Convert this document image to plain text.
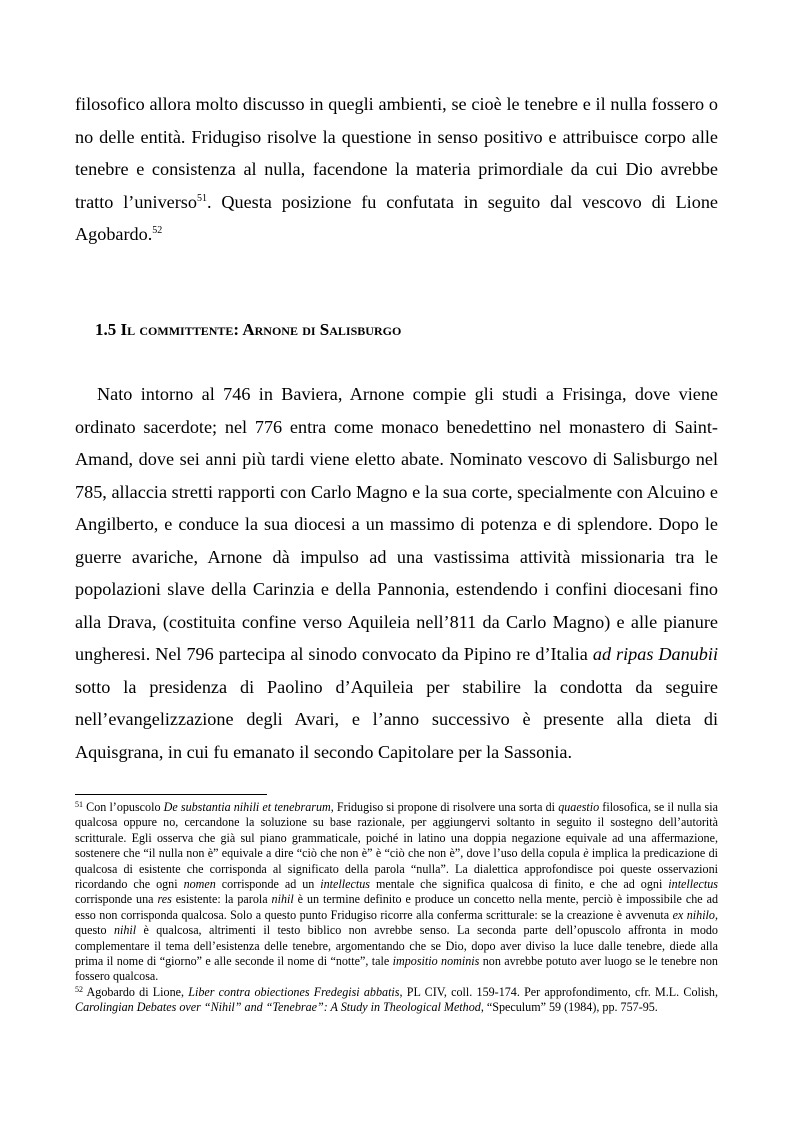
filosofico allora molto discusso in quegli ambienti, se cioè le tenebre e il nulla fossero o no delle entità. Fridugiso risolve la questione in senso positivo e attribuisce corpo alle tenebre e consistenza al nulla, facendone la materia primordiale da cui Dio avrebbe tratto l’universo$^{51}$. Questa posizione fu confutata in seguito dal vescovo di Lione Agobardo.$^{52}$

1.5 Il committente: Arnone di Salisburgo

Nato intorno al 746 in Baviera, Arnone compie gli studi a Frisinga, dove viene ordinato sacerdote; nel 776 entra come monaco benedettino nel monastero di Saint-Amand, dove sei anni più tardi viene eletto abate. Nominato vescovo di Salisburgo nel 785, allaccia stretti rapporti con Carlo Magno e la sua corte, specialmente con Alcuino e Angilberto, e conduce la sua diocesi a un massimo di potenza e di splendore. Dopo le guerre avariche, Arnone dà impulso ad una vastissima attività missionaria tra le popolazioni slave della Carinzia e della Pannonia, estendendo i confini diocesani fino alla Drava, (costituita confine verso Aquileia nell’811 da Carlo Magno) e alle pianure ungheresi. Nel 796 partecipa al sinodo convocato da Pipino re d’Italia ad ripas Danubii sotto la presidenza di Paolino d’Aquileia per stabilire la condotta da seguire nell’evangelizzazione degli Avari, e l’anno successivo è presente alla dieta di Aquisgrana, in cui fu emanato il secondo Capitolare per la Sassonia.

$^{51}$ Con l’opuscolo De substantia nihili et tenebrarum, Fridugiso si propone di risolvere una sorta di quaestio filosofica, se il nulla sia qualcosa oppure no, cercandone la soluzione su base razionale, per aggiungervi soltanto in seguito il sostegno dell’autorità scritturale. Egli osserva che già sul piano grammaticale, poiché in latino una doppia negazione equivale ad una affermazione, sostenere che “il nulla non è” equivale a dire “ciò che non è” è “ciò che non è”, dove l’uso della copula è implica la predicazione di qualcosa di esistente che corrisponda al significato della parola “nulla”. La dialettica approfondisce poi queste osservazioni ricordando che ogni nomen corrisponde ad un intellectus mentale che significa qualcosa di finito, e che ad ogni intellectus corrisponde una res esistente: la parola nihil è un termine definito e produce un concetto nella mente, perciò è impossibile che ad esso non corrisponda qualcosa. Solo a questo punto Fridugiso ricorre alla conferma scritturale: se la creazione è avvenuta ex nihilo, questo nihil è qualcosa, altrimenti il testo biblico non avrebbe senso. La seconda parte dell’opuscolo affronta in modo complementare il tema dell’esistenza delle tenebre, argomentando che se Dio, dopo aver diviso la luce dalle tenebre, diede alla prima il nome di “giorno” e alle seconde il nome di “notte”, tale impositio nominis non avrebbe potuto aver luogo se le tenebre non fossero qualcosa.

$^{52}$ Agobardo di Lione, Liber contra obiectiones Fredegisi abbatis, PL CIV, coll. 159-174. Per approfondimento, cfr. M.L. Colish, Carolingian Debates over “Nihil” and “Tenebrae”: A Study in Theological Method, “Speculum” 59 (1984), pp. 757-95.
